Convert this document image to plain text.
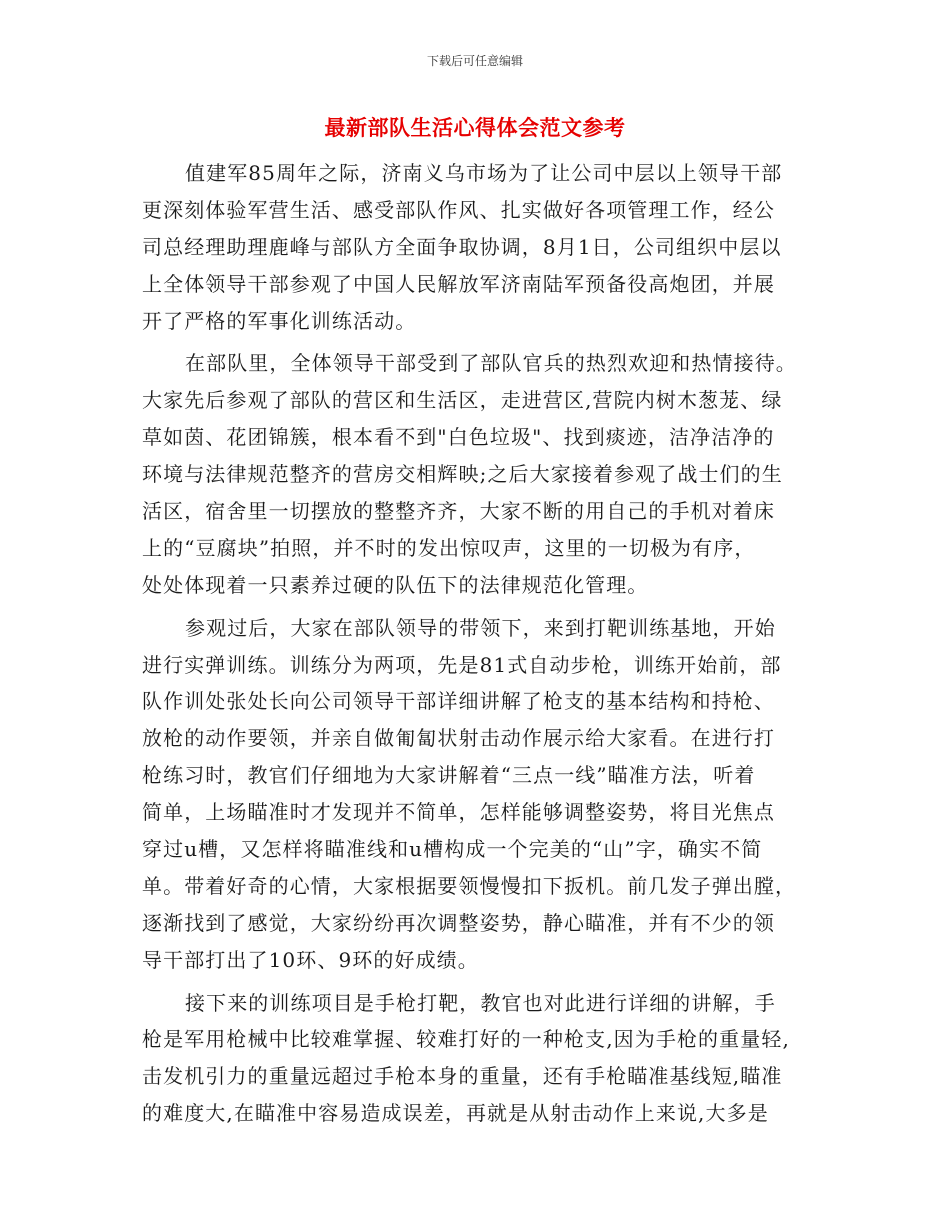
下载后可任意编辑
最新部队生活心得体会范文参考
值建军85周年之际，济南义乌市场为了让公司中层以上领导干部
更深刻体验军营生活、感受部队作风、扎实做好各项管理工作，经公
司总经理助理鹿峰与部队方全面争取协调，8月1日，公司组织中层以
上全体领导干部参观了中国人民解放军济南陆军预备役高炮团，并展
开了严格的军事化训练活动。
在部队里，全体领导干部受到了部队官兵的热烈欢迎和热情接待。
大家先后参观了部队的营区和生活区，走进营区,营院内树木葱茏、绿
草如茵、花团锦簇，根本看不到"白色垃圾"、找到痰迹，洁净洁净的
环境与法律规范整齐的营房交相辉映;之后大家接着参观了战士们的生
活区，宿舍里一切摆放的整整齐齐，大家不断的用自己的手机对着床
上的“豆腐块”拍照，并不时的发出惊叹声，这里的一切极为有序，
处处体现着一只素养过硬的队伍下的法律规范化管理。
参观过后，大家在部队领导的带领下，来到打靶训练基地，开始
进行实弹训练。训练分为两项，先是81式自动步枪，训练开始前，部
队作训处张处长向公司领导干部详细讲解了枪支的基本结构和持枪、
放枪的动作要领，并亲自做匍匐状射击动作展示给大家看。在进行打
枪练习时，教官们仔细地为大家讲解着“三点一线”瞄准方法，听着
简单，上场瞄准时才发现并不简单，怎样能够调整姿势，将目光焦点
穿过u槽，又怎样将瞄准线和u槽构成一个完美的“山”字，确实不简
单。带着好奇的心情，大家根据要领慢慢扣下扳机。前几发子弹出膛，
逐渐找到了感觉，大家纷纷再次调整姿势，静心瞄准，并有不少的领
导干部打出了10环、9环的好成绩。
接下来的训练项目是手枪打靶，教官也对此进行详细的讲解，手
枪是军用枪械中比较难掌握、较难打好的一种枪支,因为手枪的重量轻,
击发机引力的重量远超过手枪本身的重量，还有手枪瞄准基线短,瞄准
的难度大,在瞄准中容易造成误差，再就是从射击动作上来说,大多是
